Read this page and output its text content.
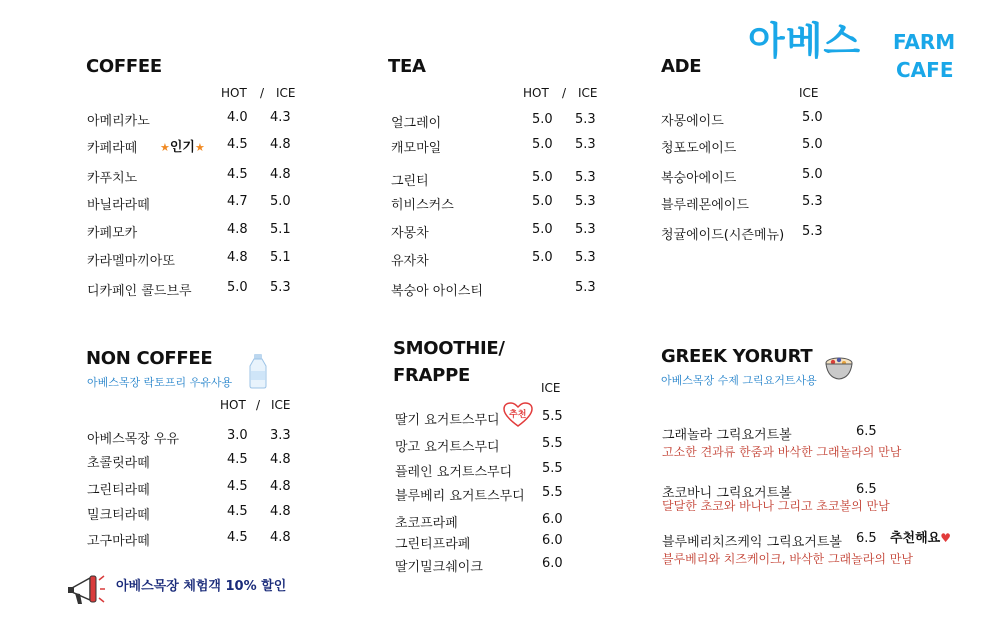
아베스 FARM
CAFE
COFFEE
HOT / ICE
아메리카노	4.0 4.3
카페라떼 ★인기★ 4.5 4.8
카푸치노	4.5 4.8
바닐라라떼	4.7 5.0
카페모카	4.8 5.1
카라멜마끼아또	4.8 5.1
디카페인 콜드브루	5.0 5.3
TEA
HOT / ICE
얼그레이	5.0 5.3
캐모마일	5.0 5.3
그린티	5.0 5.3
히비스커스	5.0 5.3
자몽차	5.0 5.3
유자차	5.0 5.3
복숭아 아이스티	5.3
ADE
ICE
자몽에이드	5.0
청포도에이드	5.0
복숭아에이드	5.0
블루레몬에이드	5.3
청귤에이드(시즌메뉴) 5.3
NON COFFEE
아베스목장 락토프리 우유사용
HOT / ICE
아베스목장 우유	3.0 3.3
초콜릿라떼	4.5 4.8
그린티라떼	4.5 4.8
밀크티라떼	4.5 4.8
고구마라떼	4.5 4.8
아베스목장 체험객 10% 할인
SMOOTHIE/
FRAPPE
ICE
딸기 요거트스무디 추천 5.5
망고 요거트스무디	5.5
플레인 요거트스무디 5.5
블루베리 요거트스무디 5.5
초코프라페	6.0
그린티프라페	6.0
딸기밀크쉐이크	6.0
GREEK YORURT
아베스목장 수제 그릭요거트사용
그래놀라 그릭요거트볼	6.5
고소한 견과류 한줌과 바삭한 그래놀라의 만남
초코바니 그릭요거트볼	6.5
달달한 초코와 바나나 그리고 초코볼의 만남
블루베리치즈케익 그릭요거트볼 6.5 추천해요♥
블루베리와 치즈케이크, 바삭한 그래놀라의 만남
